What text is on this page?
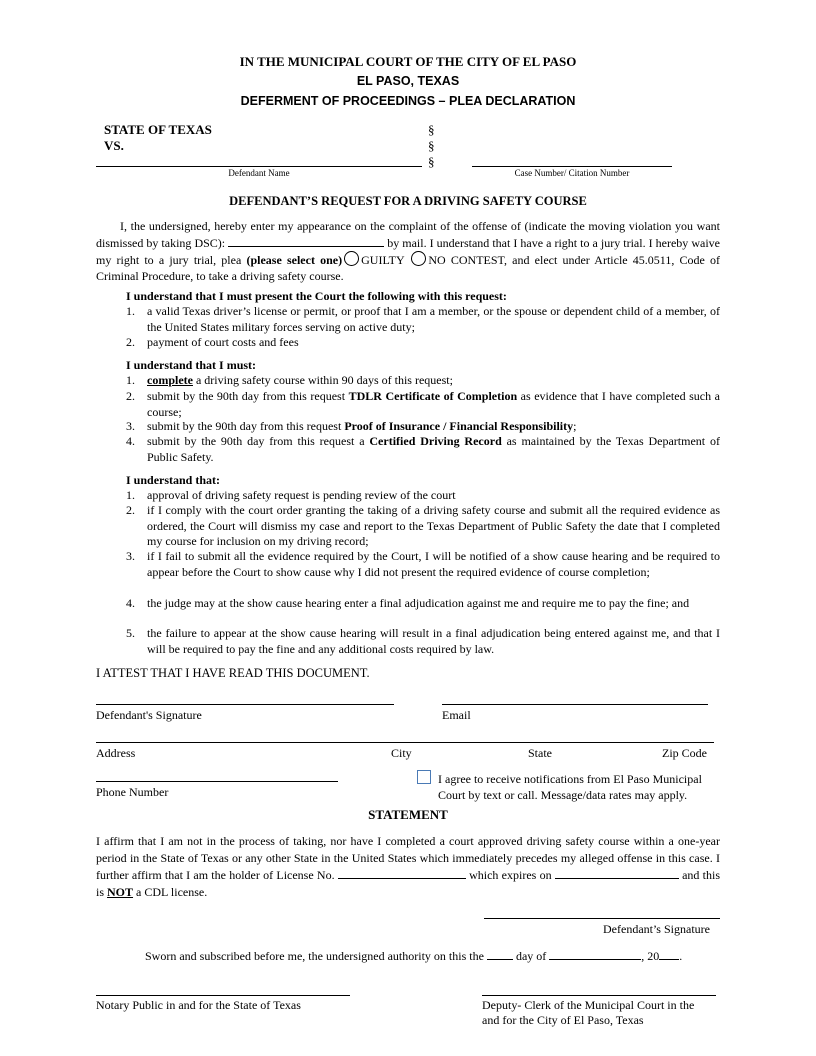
IN THE MUNICIPAL COURT OF THE CITY OF EL PASO
EL PASO, TEXAS
DEFERMENT OF PROCEEDINGS – PLEA DECLARATION
STATE OF TEXAS
VS.
§
§
§
Defendant Name	Case Number/ Citation Number
DEFENDANT’S REQUEST FOR A DRIVING SAFETY COURSE
I, the undersigned, hereby enter my appearance on the complaint of the offense of (indicate the moving violation you want dismissed by taking DSC):	by mail. I understand that I have a right to a jury trial. I hereby waive my right to a jury trial, plea (please select one) GUILTY NO CONTEST, and elect under Article 45.0511, Code of Criminal Procedure, to take a driving safety course.
I understand that I must present the Court the following with this request:
1. a valid Texas driver’s license or permit, or proof that I am a member, or the spouse or dependent child of a member, of the United States military forces serving on active duty;
2. payment of court costs and fees
I understand that I must:
1. complete a driving safety course within 90 days of this request;
2. submit by the 90th day from this request TDLR Certificate of Completion as evidence that I have completed such a course;
3. submit by the 90th day from this request Proof of Insurance / Financial Responsibility;
4. submit by the 90th day from this request a Certified Driving Record as maintained by the Texas Department of Public Safety.
I understand that:
1. approval of driving safety request is pending review of the court
2. if I comply with the court order granting the taking of a driving safety course and submit all the required evidence as ordered, the Court will dismiss my case and report to the Texas Department of Public Safety the date that I completed my course for inclusion on my driving record;
3. if I fail to submit all the evidence required by the Court, I will be notified of a show cause hearing and be required to appear before the Court to show cause why I did not present the required evidence of course completion;
4. the judge may at the show cause hearing enter a final adjudication against me and require me to pay the fine; and
5. the failure to appear at the show cause hearing will result in a final adjudication being entered against me, and that I will be required to pay the fine and any additional costs required by law.
I ATTEST THAT I HAVE READ THIS DOCUMENT.
Defendant's Signature	Email
Address	City	State	Zip Code
Phone Number
I agree to receive notifications from El Paso Municipal Court by text or call. Message/data rates may apply.
STATEMENT
I affirm that I am not in the process of taking, nor have I completed a court approved driving safety course within a one-year period in the State of Texas or any other State in the United States which immediately precedes my alleged offense in this case. I further affirm that I am the holder of License No.	which expires on	and this is NOT a CDL license.
Defendant’s Signature
Sworn and subscribed before me, the undersigned authority on this the	day of	, 20 .
Notary Public in and for the State of Texas	Deputy- Clerk of the Municipal Court in the and for the City of El Paso, Texas
